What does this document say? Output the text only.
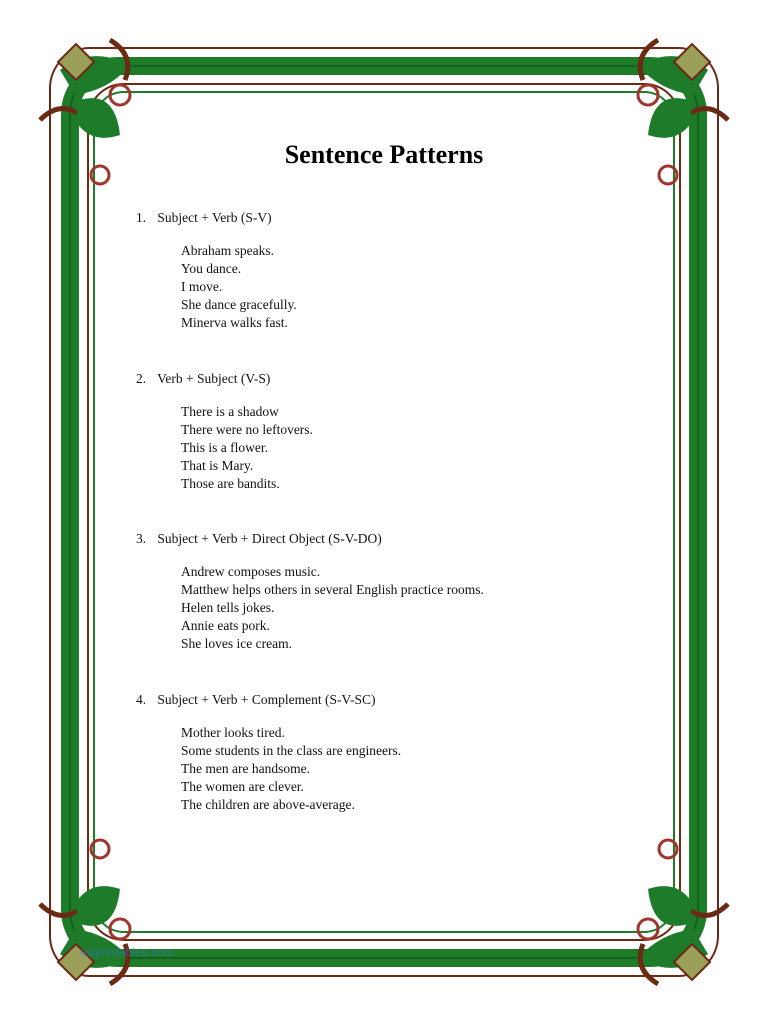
Sentence Patterns

1. Subject + Verb (S-V)

Abraham speaks.
You dance.
I move.
She dance gracefully.
Minerva walks fast.

2. Verb + Subject (V-S)

There is a shadow
There were no leftovers.
This is a flower.
That is Mary.
Those are bandits.

3. Subject + Verb + Direct Object (S-V-DO)

Andrew composes music.
Matthew helps others in several English practice rooms.
Helen tells jokes.
Annie eats pork.
She loves ice cream.

4. Subject + Verb + Complement (S-V-SC)

Mother looks tired.
Some students in the class are engineers.
The men are handsome.
The women are clever.
The children are above-average.
eslprintables.com
